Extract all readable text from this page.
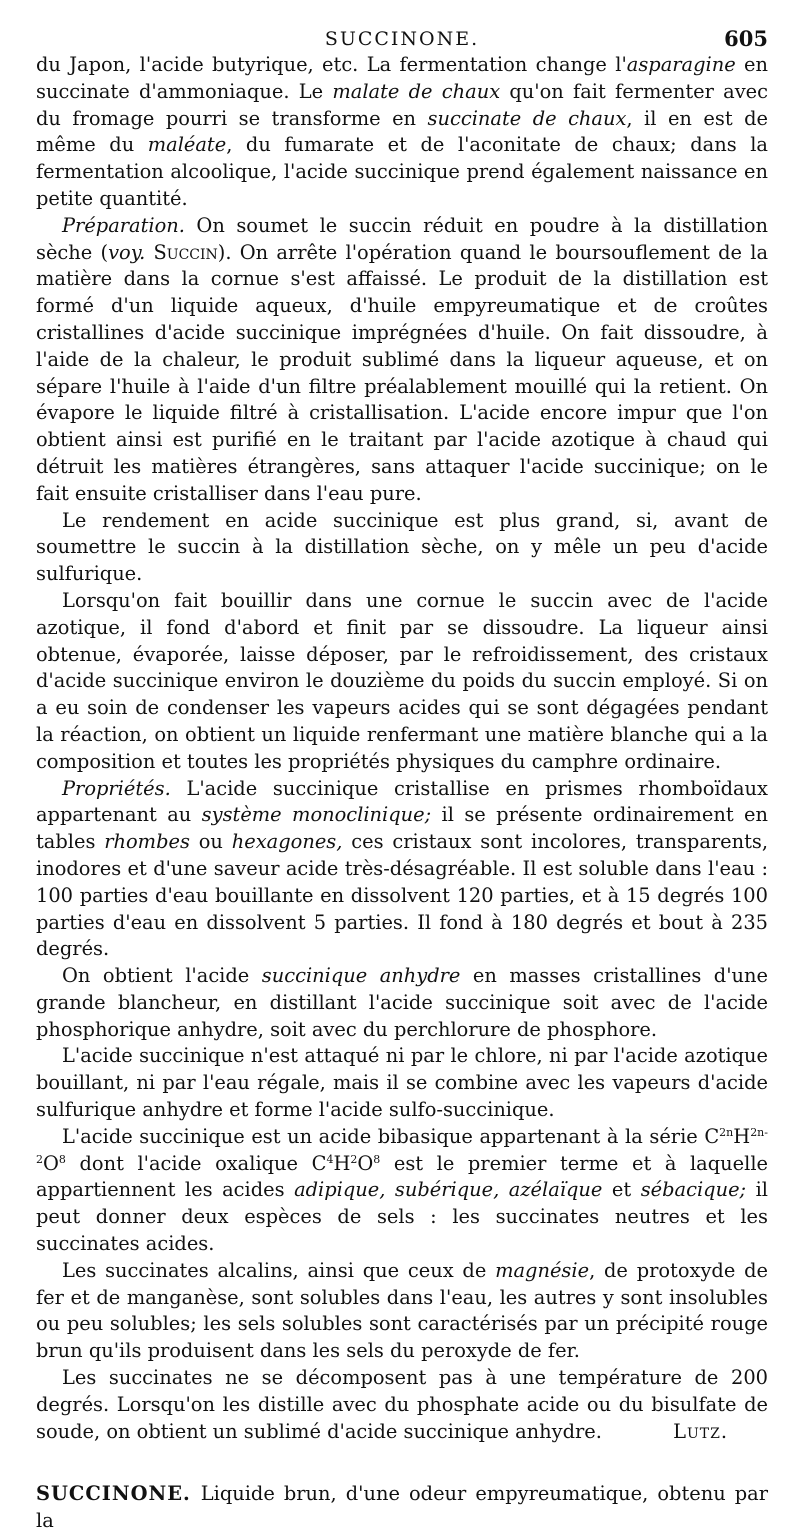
SUCCINONE.	605

du Japon, l'acide butyrique, etc. La fermentation change l'asparagine en succinate d'ammoniaque. Le malate de chaux qu'on fait fermenter avec du fromage pourri se transforme en succinate de chaux, il en est de même du maléate, du fumarate et de l'aconitate de chaux; dans la fermentation alcoolique, l'acide succinique prend également naissance en petite quantité.

Préparation. On soumet le succin réduit en poudre à la distillation sèche (voy. Succin). On arrête l'opération quand le boursouflement de la matière dans la cornue s'est affaissé. Le produit de la distillation est formé d'un liquide aqueux, d'huile empyreumatique et de croûtes cristallines d'acide succinique imprégnées d'huile. On fait dissoudre, à l'aide de la chaleur, le produit sublimé dans la liqueur aqueuse, et on sépare l'huile à l'aide d'un filtre préalablement mouillé qui la retient. On évapore le liquide filtré à cristallisation. L'acide encore impur que l'on obtient ainsi est purifié en le traitant par l'acide azotique à chaud qui détruit les matières étrangères, sans attaquer l'acide succinique; on le fait ensuite cristalliser dans l'eau pure.

Le rendement en acide succinique est plus grand, si, avant de soumettre le succin à la distillation sèche, on y mêle un peu d'acide sulfurique.

Lorsqu'on fait bouillir dans une cornue le succin avec de l'acide azotique, il fond d'abord et finit par se dissoudre. La liqueur ainsi obtenue, évaporée, laisse déposer, par le refroidissement, des cristaux d'acide succinique environ le douzième du poids du succin employé. Si on a eu soin de condenser les vapeurs acides qui se sont dégagées pendant la réaction, on obtient un liquide renfermant une matière blanche qui a la composition et toutes les propriétés physiques du camphre ordinaire.

Propriétés. L'acide succinique cristallise en prismes rhomboïdaux appartenant au système monoclinique; il se présente ordinairement en tables rhombes ou hexagones, ces cristaux sont incolores, transparents, inodores et d'une saveur acide très-désagréable. Il est soluble dans l'eau : 100 parties d'eau bouillante en dissolvent 120 parties, et à 15 degrés 100 parties d'eau en dissolvent 5 parties. Il fond à 180 degrés et bout à 235 degrés.

On obtient l'acide succinique anhydre en masses cristallines d'une grande blancheur, en distillant l'acide succinique soit avec de l'acide phosphorique anhydre, soit avec du perchlorure de phosphore.

L'acide succinique n'est attaqué ni par le chlore, ni par l'acide azotique bouillant, ni par l'eau régale, mais il se combine avec les vapeurs d'acide sulfurique anhydre et forme l'acide sulfo-succinique.

L'acide succinique est un acide bibasique appartenant à la série $C^{2n}H^{2n-2}O^8$ dont l'acide oxalique $C^4H^2O^8$ est le premier terme et à laquelle appartiennent les acides adipique, subérique, azélaïque et sébacique; il peut donner deux espèces de sels : les succinates neutres et les succinates acides.

Les succinates alcalins, ainsi que ceux de magnésie, de protoxyde de fer et de manganèse, sont solubles dans l'eau, les autres y sont insolubles ou peu solubles; les sels solubles sont caractérisés par un précipité rouge brun qu'ils produisent dans les sels du peroxyde de fer.

Les succinates ne se décomposent pas à une température de 200 degrés. Lorsqu'on les distille avec du phosphate acide ou du bisulfate de soude, on obtient un sublimé d'acide succinique anhydre.	Lutz.

SUCCINONE. Liquide brun, d'une odeur empyreumatique, obtenu par la
